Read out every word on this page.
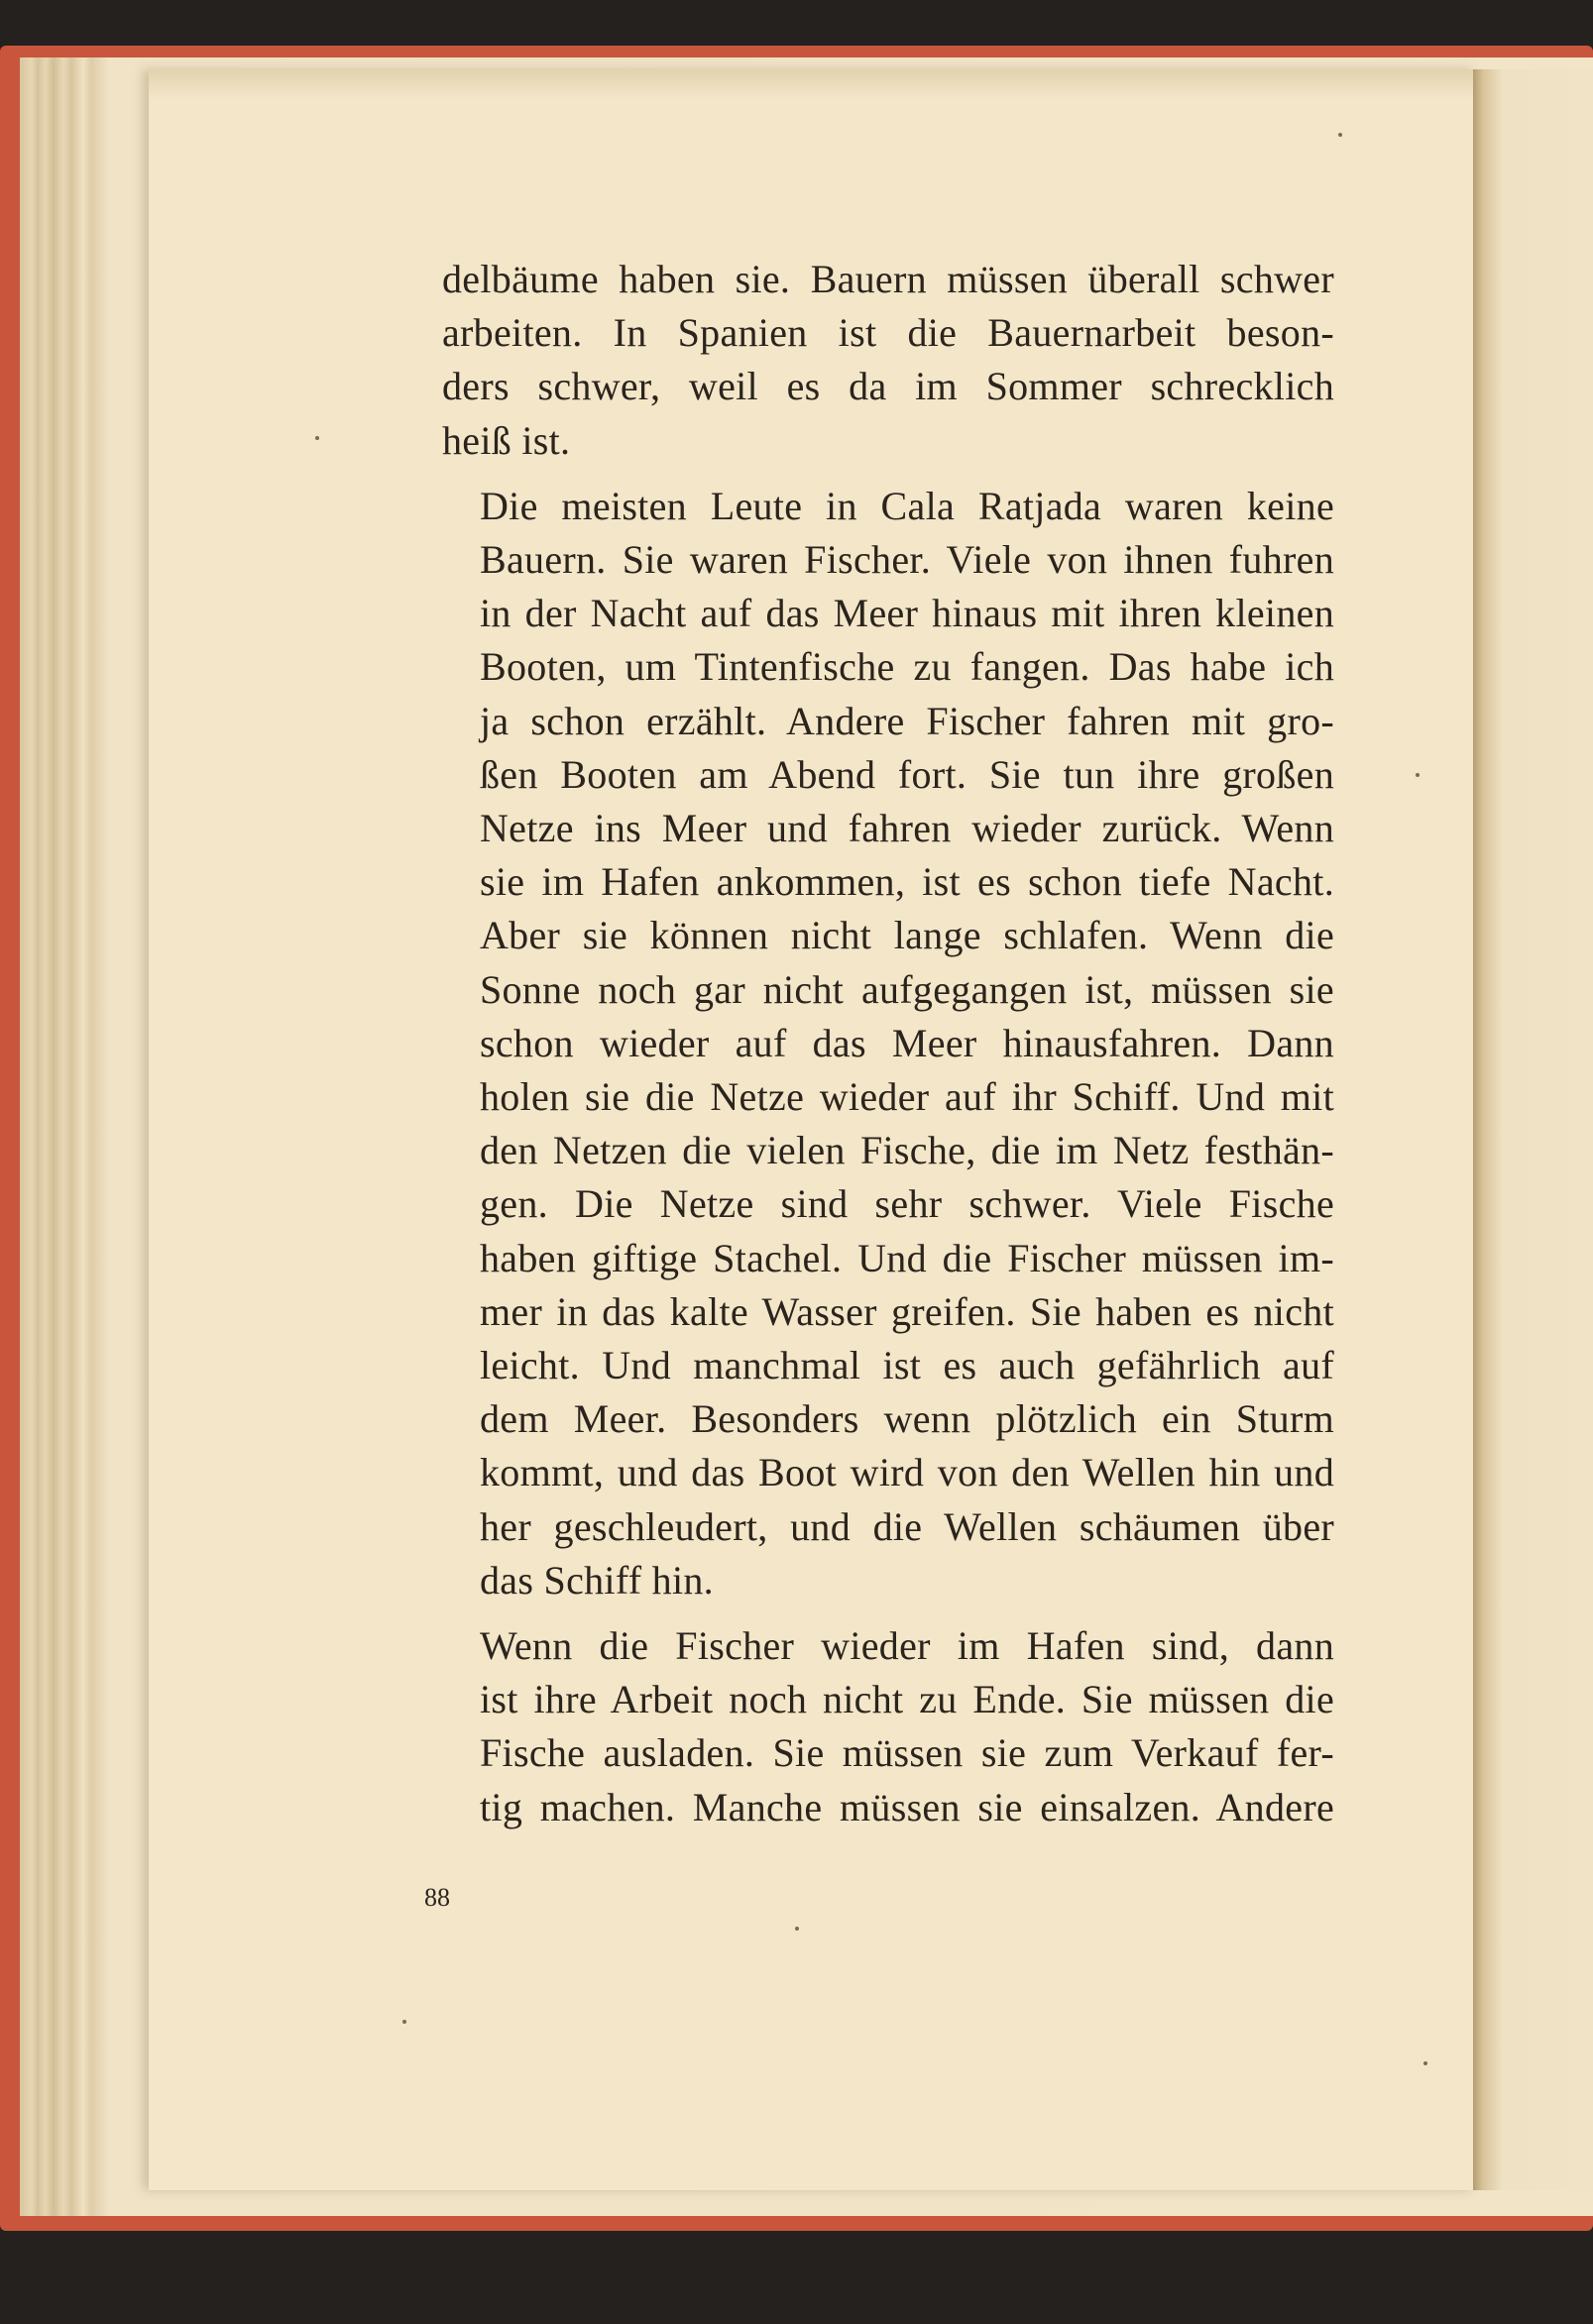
delbäume haben sie. Bauern müssen überall schwer
arbeiten. In Spanien ist die Bauernarbeit beson-
ders schwer, weil es da im Sommer schrecklich
heiß ist.

Die meisten Leute in Cala Ratjada waren keine
Bauern. Sie waren Fischer. Viele von ihnen fuhren
in der Nacht auf das Meer hinaus mit ihren kleinen
Booten, um Tintenfische zu fangen. Das habe ich
ja schon erzählt. Andere Fischer fahren mit gro-
ßen Booten am Abend fort. Sie tun ihre großen
Netze ins Meer und fahren wieder zurück. Wenn
sie im Hafen ankommen, ist es schon tiefe Nacht.
Aber sie können nicht lange schlafen. Wenn die
Sonne noch gar nicht aufgegangen ist, müssen sie
schon wieder auf das Meer hinausfahren. Dann
holen sie die Netze wieder auf ihr Schiff. Und mit
den Netzen die vielen Fische, die im Netz festhän-
gen. Die Netze sind sehr schwer. Viele Fische
haben giftige Stachel. Und die Fischer müssen im-
mer in das kalte Wasser greifen. Sie haben es nicht
leicht. Und manchmal ist es auch gefährlich auf
dem Meer. Besonders wenn plötzlich ein Sturm
kommt, und das Boot wird von den Wellen hin und
her geschleudert, und die Wellen schäumen über
das Schiff hin.

Wenn die Fischer wieder im Hafen sind, dann
ist ihre Arbeit noch nicht zu Ende. Sie müssen die
Fische ausladen. Sie müssen sie zum Verkauf fer-
tig machen. Manche müssen sie einsalzen. Andere

88
